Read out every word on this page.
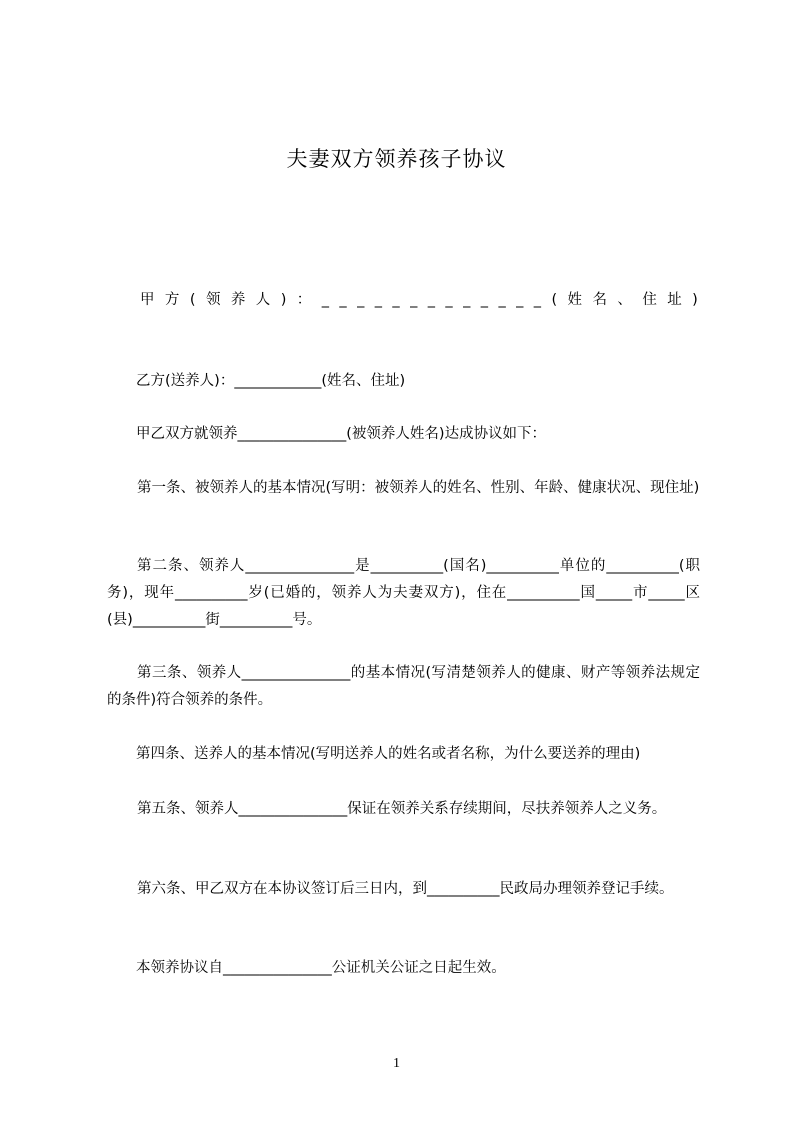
夫妻双方领养孩子协议
甲 方 ( 领 养 人 ) ： _ _ _ _ _ _ _ _ _ _ _ _ _ ( 姓 名 、 住 址 )
乙方(送养人)：____________(姓名、住址)
甲乙双方就领养_______________(被领养人姓名)达成协议如下：
第一条、被领养人的基本情况(写明：被领养人的姓名、性别、年龄、健康状况、现住址)
第二条、领养人_______________是__________(国名)__________单位的__________(职务)，现年__________岁(已婚的，领养人为夫妻双方)，住在__________国_____市_____区(县)__________街__________号。
第三条、领养人_______________的基本情况(写清楚领养人的健康、财产等领养法规定的条件)符合领养的条件。
第四条、送养人的基本情况(写明送养人的姓名或者名称，为什么要送养的理由)
第五条、领养人_______________保证在领养关系存续期间，尽扶养领养人之义务。
第六条、甲乙双方在本协议签订后三日内，到__________民政局办理领养登记手续。
本领养协议自_______________公证机关公证之日起生效。
1
